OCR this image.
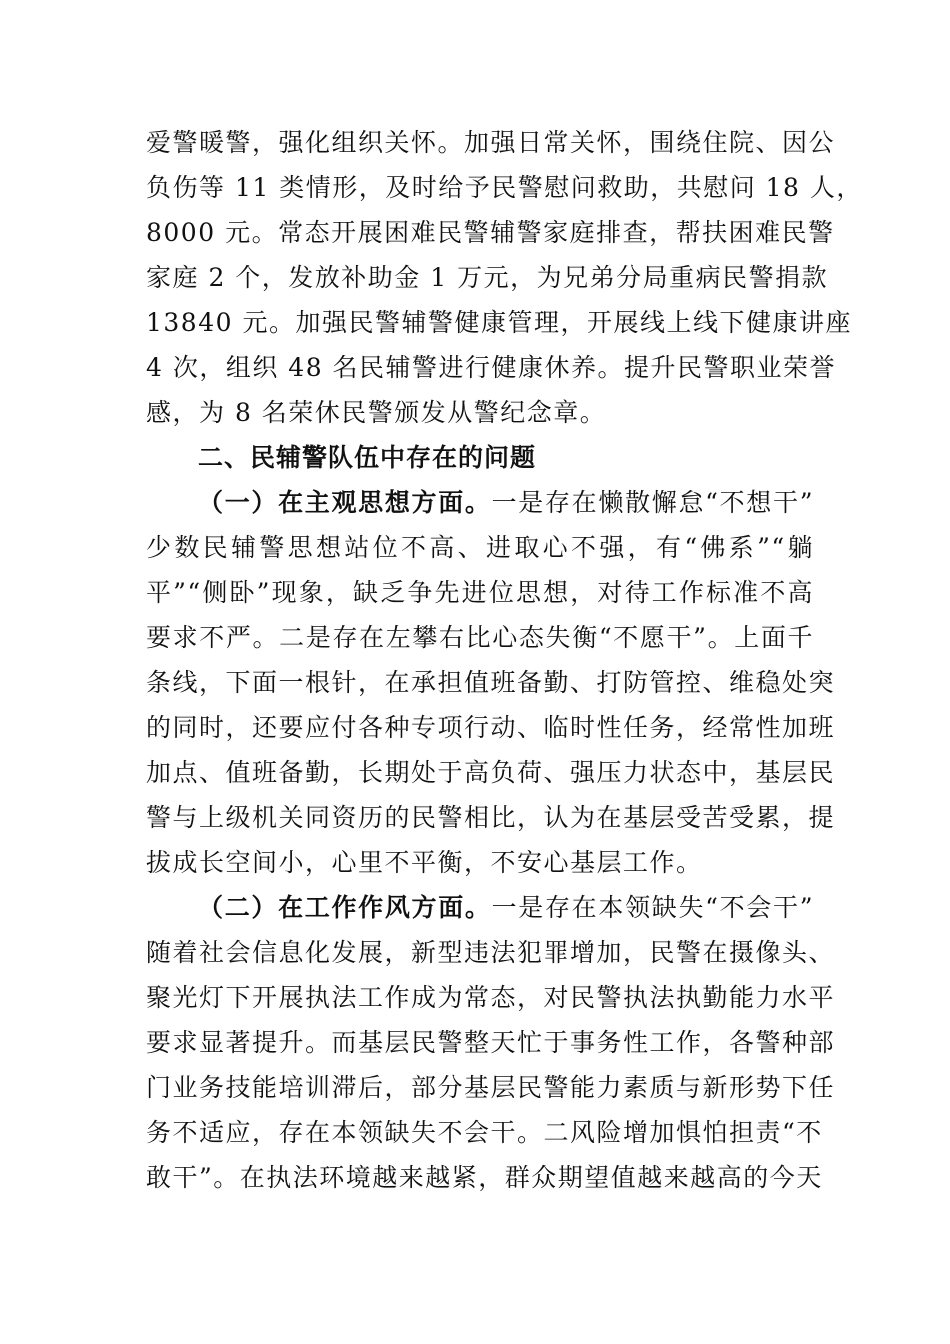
爱警暖警，强化组织关怀。加强日常关怀，围绕住院、因公
负伤等 11 类情形，及时给予民警慰问救助，共慰问 18 人，
8000 元。常态开展困难民警辅警家庭排查，帮扶困难民警
家庭 2 个，发放补助金 1 万元，为兄弟分局重病民警捐款
13840 元。加强民警辅警健康管理，开展线上线下健康讲座
4 次，组织 48 名民辅警进行健康休养。提升民警职业荣誉
感，为 8 名荣休民警颁发从警纪念章。
二、民辅警队伍中存在的问题
（一）在主观思想方面。一是存在懒散懈怠“不想干”
少数民辅警思想站位不高、进取心不强，有“佛系”“躺
平”“侧卧”现象，缺乏争先进位思想，对待工作标准不高
要求不严。二是存在左攀右比心态失衡“不愿干”。上面千
条线，下面一根针，在承担值班备勤、打防管控、维稳处突
的同时，还要应付各种专项行动、临时性任务，经常性加班
加点、值班备勤，长期处于高负荷、强压力状态中，基层民
警与上级机关同资历的民警相比，认为在基层受苦受累，提
拔成长空间小，心里不平衡，不安心基层工作。
（二）在工作作风方面。一是存在本领缺失“不会干”
随着社会信息化发展，新型违法犯罪增加，民警在摄像头、
聚光灯下开展执法工作成为常态，对民警执法执勤能力水平
要求显著提升。而基层民警整天忙于事务性工作，各警种部
门业务技能培训滞后，部分基层民警能力素质与新形势下任
务不适应，存在本领缺失不会干。二风险增加惧怕担责“不
敢干”。在执法环境越来越紧，群众期望值越来越高的今天
